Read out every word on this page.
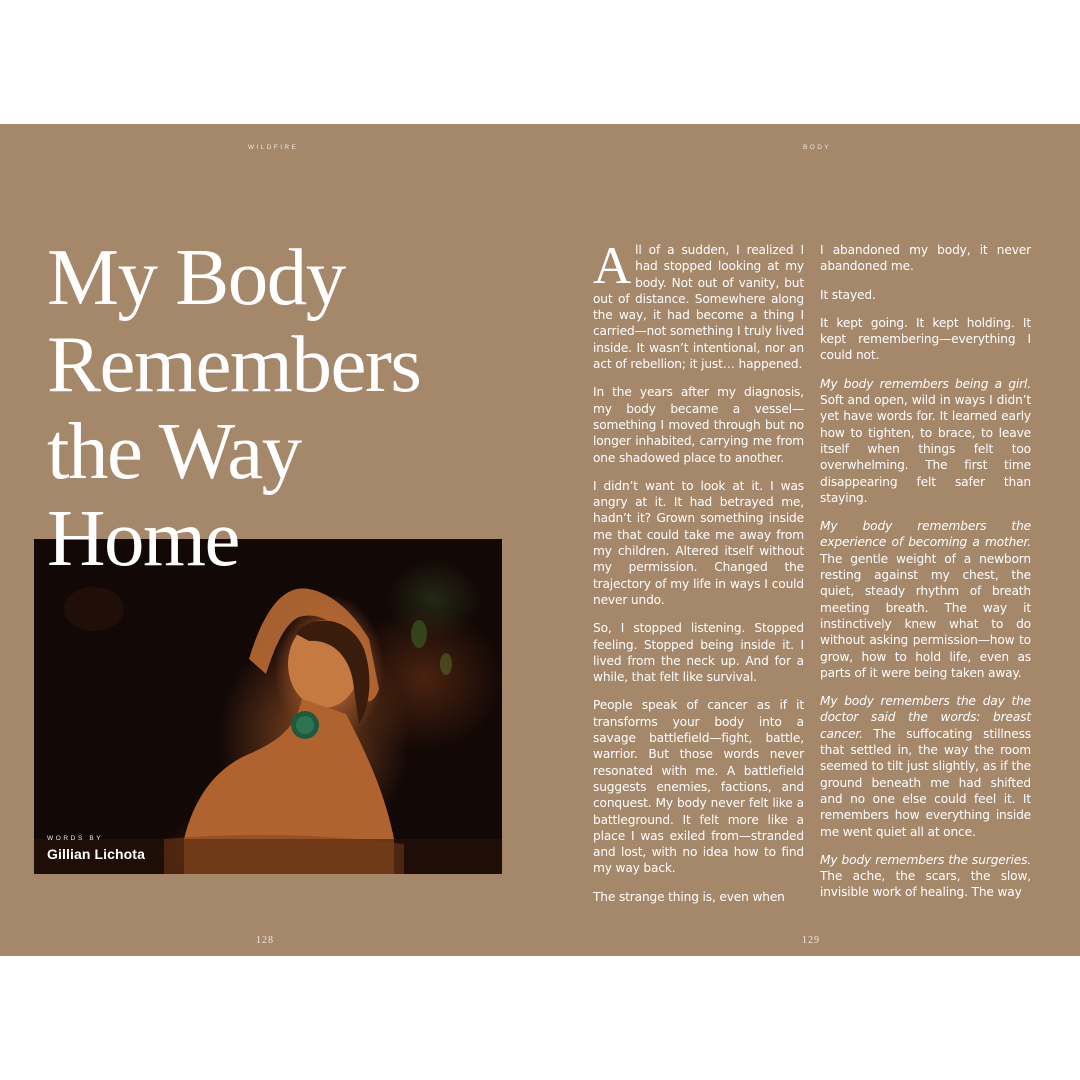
WILDFIRE	BODY
WORDS BY
Gillian Lichota
My Body
Remembers
the Way
Home

All of a sudden, I realized I had stopped looking at my body. Not out of vanity, but out of distance. Somewhere along the way, it had become a thing I carried—not something I truly lived inside. It wasn’t intentional, nor an act of rebellion; it just… happened.

In the years after my diagnosis, my body became a vessel—something I moved through but no longer inhabited, carrying me from one shadowed place to another.

I didn’t want to look at it. I was angry at it. It had betrayed me, hadn’t it? Grown something inside me that could take me away from my children. Altered itself without my permission. Changed the trajectory of my life in ways I could never undo.

So, I stopped listening. Stopped feeling. Stopped being inside it. I lived from the neck up. And for a while, that felt like survival.

People speak of cancer as if it transforms your body into a savage battlefield—fight, battle, warrior. But those words never resonated with me. A battlefield suggests enemies, factions, and conquest. My body never felt like a battleground. It felt more like a place I was exiled from—stranded and lost, with no idea how to find my way back.

The strange thing is, even when

I abandoned my body, it never abandoned me.

It stayed.

It kept going. It kept holding. It kept remembering—everything I could not.

My body remembers being a girl. Soft and open, wild in ways I didn’t yet have words for. It learned early how to tighten, to brace, to leave itself when things felt too overwhelming. The first time disappearing felt safer than staying.

My body remembers the experience of becoming a mother. The gentle weight of a newborn resting against my chest, the quiet, steady rhythm of breath meeting breath. The way it instinctively knew what to do without asking permission—how to grow, how to hold life, even as parts of it were being taken away.

My body remembers the day the doctor said the words: breast cancer. The suffocating stillness that settled in, the way the room seemed to tilt just slightly, as if the ground beneath me had shifted and no one else could feel it. It remembers how everything inside me went quiet all at once.

My body remembers the surgeries. The ache, the scars, the slow, invisible work of healing. The way

128	129
